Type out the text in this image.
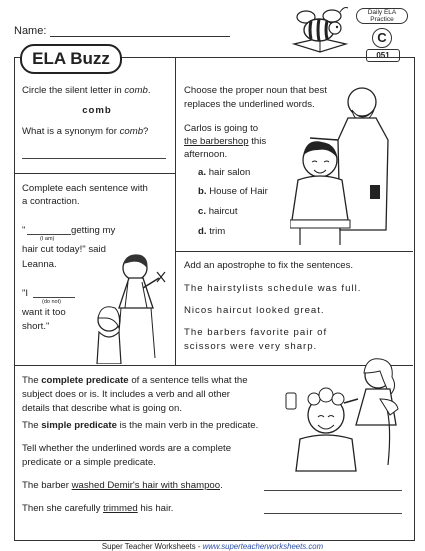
Name:
Daily ELA
Practice
C
051
ELA Buzz
Circle the silent letter in comb.
comb
What is a synonym for comb?
Complete each sentence with
a contraction.
"
(I am)
getting my
hair cut today!" said
Leanna.
"I
(do not)
want it too
short."
Choose the proper noun that best
replaces the underlined words.
Carlos is going to
the barbershop this
afternoon.
a. hair salon
b. House of Hair
c. haircut
d. trim
Add an apostrophe to fix the sentences.
The hairstylists schedule was full.
Nicos haircut looked great.
The barbers favorite pair of
scissors were very sharp.
The complete predicate of a sentence tells what the
subject does or is. It includes a verb and all other
details that describe what is going on.
The simple predicate is the main verb in the predicate.
Tell whether the underlined words are a complete
predicate or a simple predicate.
The barber washed Demir's hair with shampoo.
Then she carefully trimmed his hair.
Super Teacher Worksheets - www.superteacherworksheets.com
